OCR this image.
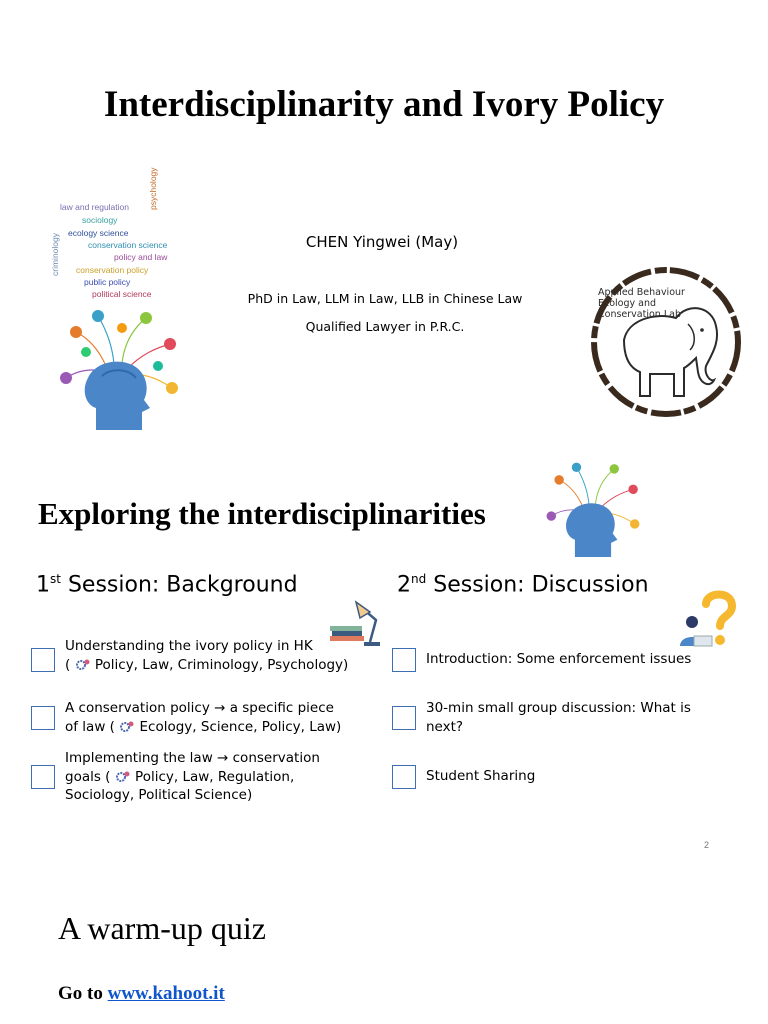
Interdisciplinarity and Ivory Policy
law and regulation
sociology
ecology science
conservation science
policy and law
conservation policy
public policy
political science
psychology
criminology	CHEN Yingwei (May)
PhD in Law, LLM in Law, LLB in Chinese Law
Qualified Lawyer in P.R.C.
Applied Behaviour
Ecology and
Conservation Lab
Exploring the interdisciplinarities
1st Session: Background	2nd Session: Discussion
Understanding the ivory policy in HK
(  Policy, Law, Criminology, Psychology)
A conservation policy → a specific piece
of law (  Ecology, Science, Policy, Law)
Implementing the law → conservation
goals (  Policy, Law, Regulation,
Sociology, Political Science)
Introduction: Some enforcement issues
30-min small group discussion: What is
next?
Student Sharing
2
A warm-up quiz
Go to www.kahoot.it
